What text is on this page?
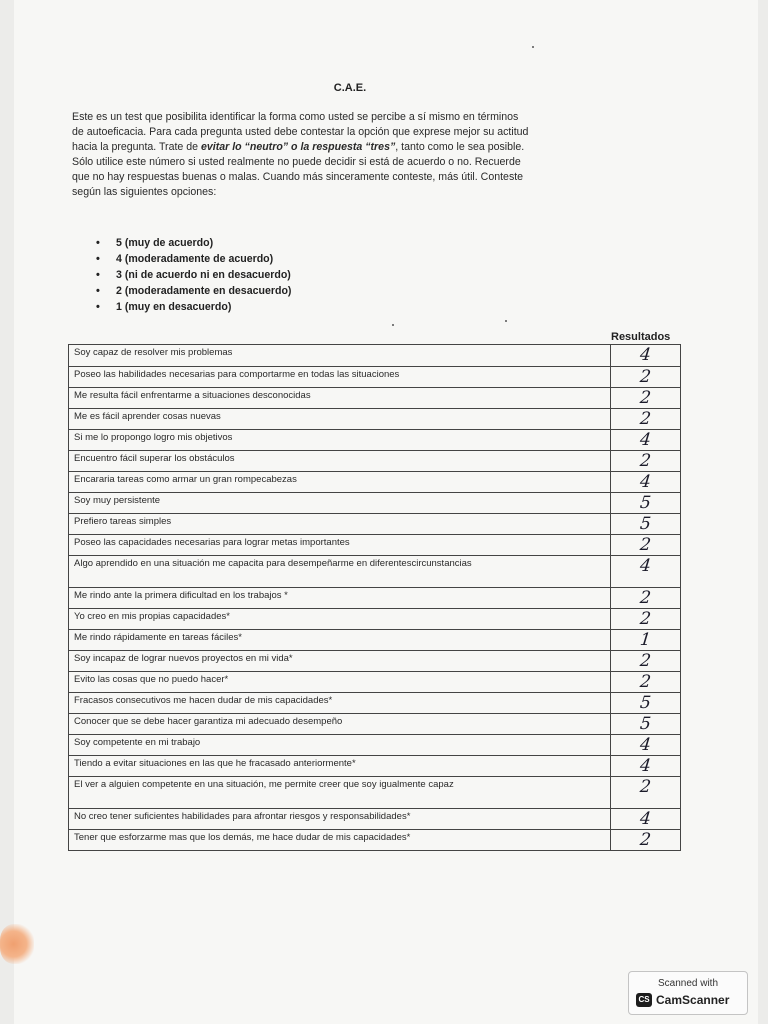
C.A.E.
Este es un test que posibilita identificar la forma como usted se percibe a sí mismo en términos
de autoeficacia. Para cada pregunta usted debe contestar la opción que exprese mejor su actitud
hacia la pregunta. Trate de evitar lo “neutro” o la respuesta “tres”, tanto como le sea posible.
Sólo utilice este número si usted realmente no puede decidir si está de acuerdo o no. Recuerde
que no hay respuestas buenas o malas. Cuando más sinceramente conteste, más útil. Conteste
según las siguientes opciones:
• 5 (muy de acuerdo)
• 4 (moderadamente de acuerdo)
• 3 (ni de acuerdo ni en desacuerdo)
• 2 (moderadamente en desacuerdo)
• 1 (muy en desacuerdo)
Resultados
Soy capaz de resolver mis problemas	4
Poseo las habilidades necesarias para comportarme en todas las situaciones	2
Me resulta fácil enfrentarme a situaciones desconocidas	2
Me es fácil aprender cosas nuevas	2
Si me lo propongo logro mis objetivos	4
Encuentro fácil superar los obstáculos	2
Encararia tareas como armar un gran rompecabezas	4
Soy muy persistente	5
Prefiero tareas simples	5
Poseo las capacidades necesarias para lograr metas importantes	2
Algo aprendido en una situación me capacita para desempeñarme en diferentescircunstancias	4
Me rindo ante la primera dificultad en los trabajos *	2
Yo creo en mis propias capacidades*	2
Me rindo rápidamente en tareas fáciles*	1
Soy incapaz de lograr nuevos proyectos en mi vida*	2
Evito las cosas que no puedo hacer*	2
Fracasos consecutivos me hacen dudar de mis capacidades*	5
Conocer que se debe hacer garantiza mi adecuado desempeño	5
Soy competente en mi trabajo	4
Tiendo a evitar situaciones en las que he fracasado anteriormente*	4
El ver a alguien competente en una situación, me permite creer que soy igualmente capaz	2
No creo tener suficientes habilidades para afrontar riesgos y responsabilidades*	4
Tener que esforzarme mas que los demás, me hace dudar de mis capacidades*	2
Scanned with
CS CamScanner
